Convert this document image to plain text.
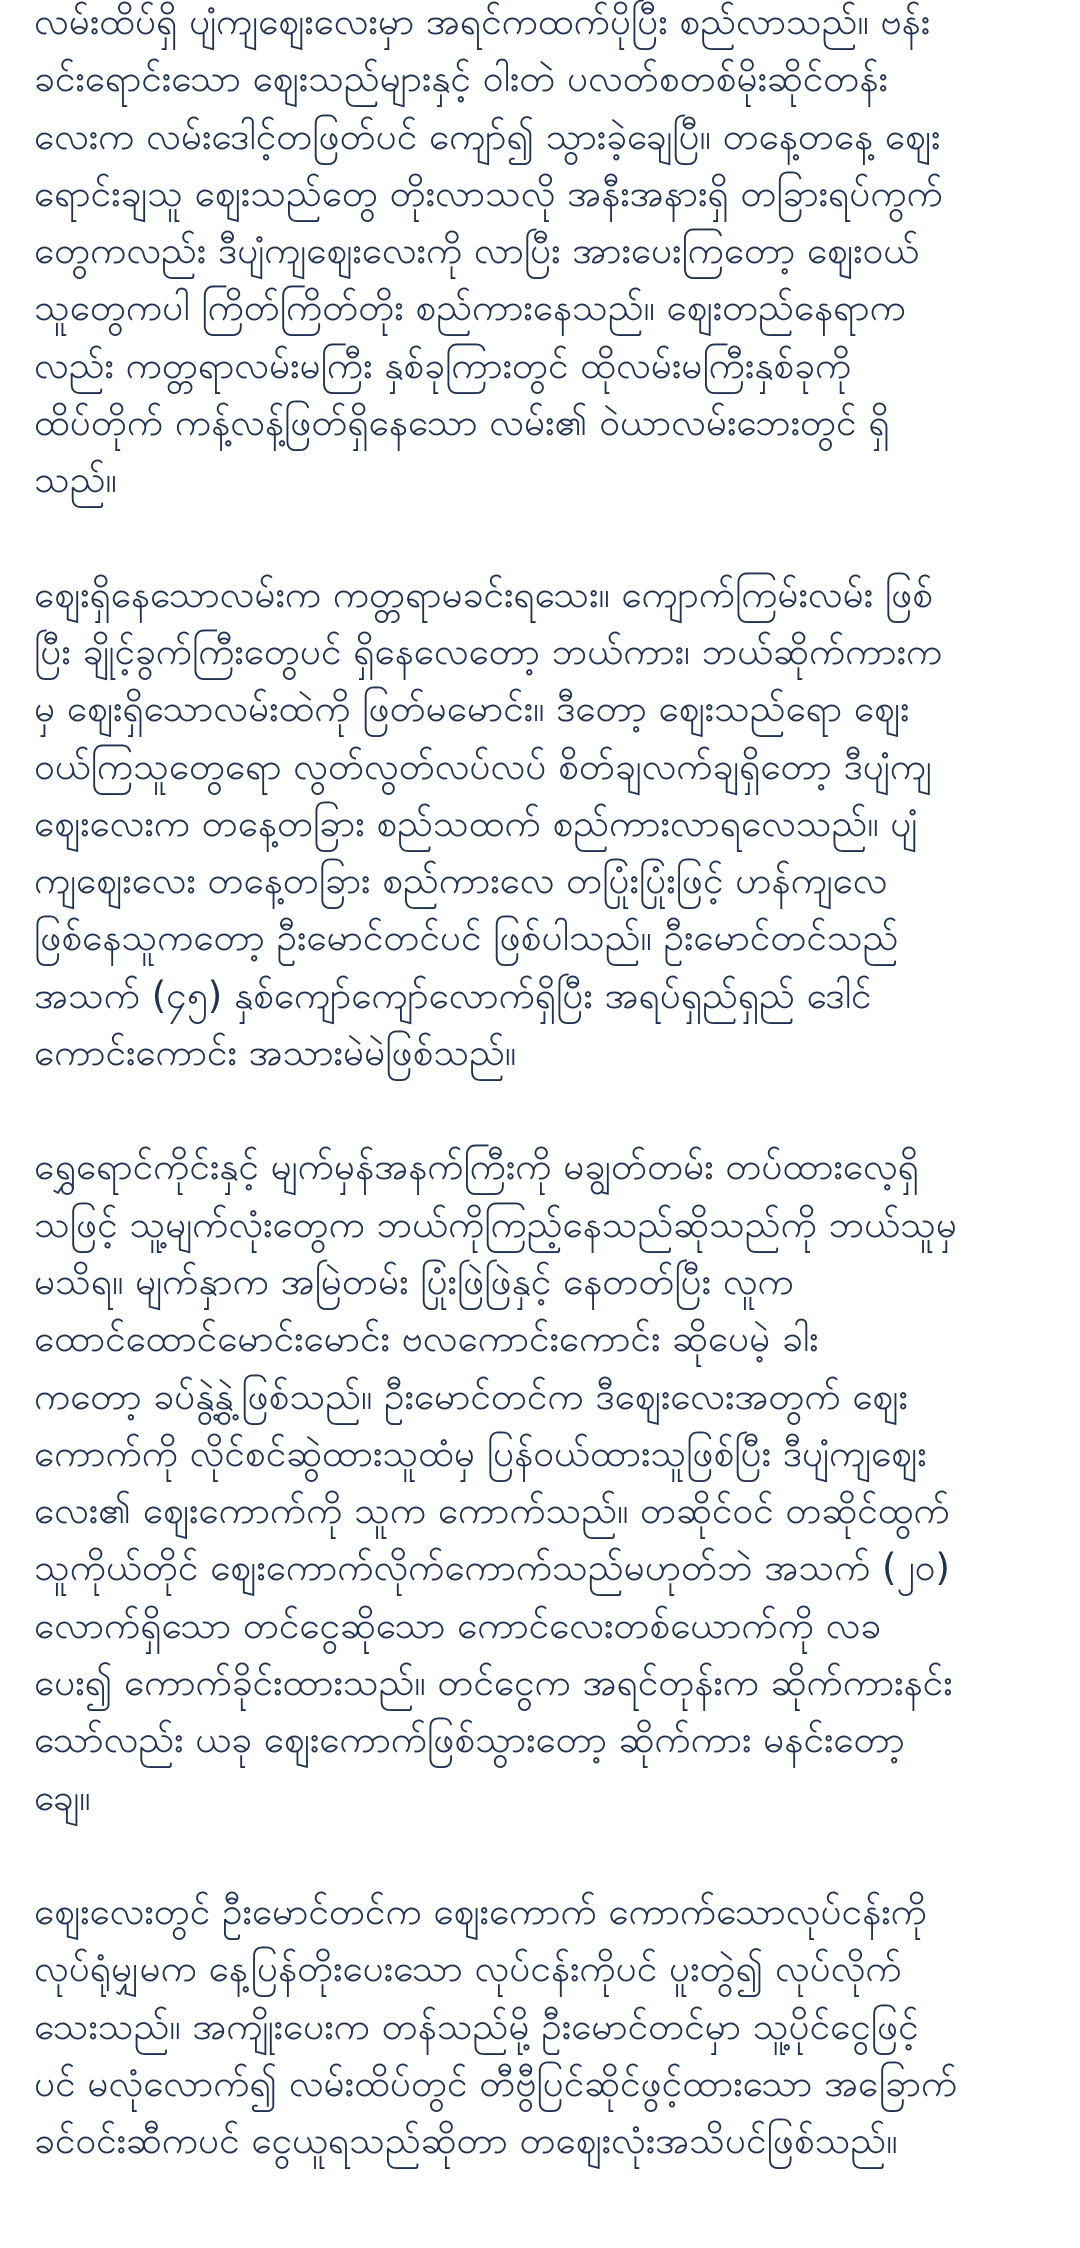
လမ်းထိပ်ရှိ ပျံကျဈေးလေးမှာ အရင်ကထက်ပိုပြီး စည်လာသည်။ ဗန်း
ခင်းရောင်းသော ဈေးသည်များနှင့် ဝါးတဲ ပလတ်စတစ်မိုးဆိုင်တန်း
လေးက လမ်းဒေါင့်တဖြတ်ပင် ကျော်၍ သွားခဲ့ချေပြီ။ တနေ့တနေ့ ဈေး
ရောင်းချသူ ဈေးသည်တွေ တိုးလာသလို အနီးအနားရှိ တခြားရပ်ကွက်
တွေကလည်း ဒီပျံကျဈေးလေးကို လာပြီး အားပေးကြတော့ ဈေးဝယ်
သူတွေကပါ ကြိတ်ကြိတ်တိုး စည်ကားနေသည်။ ဈေးတည်နေရာက
လည်း ကတ္တရာလမ်းမကြီး နှစ်ခုကြားတွင် ထိုလမ်းမကြီးနှစ်ခုကို
ထိပ်တိုက် ကန့်လန့်ဖြတ်ရှိနေသော လမ်း၏ ဝဲယာလမ်းဘေးတွင် ရှိ
သည်။

ဈေးရှိနေသောလမ်းက ကတ္တရာမခင်းရသေး။ ကျောက်ကြမ်းလမ်း ဖြစ်
ပြီး ချိုင့်ခွက်ကြီးတွေပင် ရှိနေလေတော့ ဘယ်ကား၊ ဘယ်ဆိုက်ကားက
မှ ဈေးရှိသောလမ်းထဲကို ဖြတ်မမောင်း။ ဒီတော့ ဈေးသည်ရော ဈေး
ဝယ်ကြသူတွေရော လွတ်လွတ်လပ်လပ် စိတ်ချလက်ချရှိတော့ ဒီပျံကျ
ဈေးလေးက တနေ့တခြား စည်သထက် စည်ကားလာရလေသည်။ ပျံ
ကျဈေးလေး တနေ့တခြား စည်ကားလေ တပြုံးပြုံးဖြင့် ဟန်ကျလေ
ဖြစ်နေသူကတော့ ဦးမောင်တင်ပင် ဖြစ်ပါသည်။ ဦးမောင်တင်သည်
အသက် (၄၅) နှစ်ကျော်ကျော်လောက်ရှိပြီး အရပ်ရှည်ရှည် ဒေါင်
ကောင်းကောင်း အသားမဲမဲဖြစ်သည်။

ရွှေရောင်ကိုင်းနှင့် မျက်မှန်အနက်ကြီးကို မချွတ်တမ်း တပ်ထားလေ့ရှိ
သဖြင့် သူ့မျက်လုံးတွေက ဘယ်ကိုကြည့်နေသည်ဆိုသည်ကို ဘယ်သူမှ
မသိရ။ မျက်နှာက အမြဲတမ်း ပြုံးဖြဲဖြဲနှင့် နေတတ်ပြီး လူက
ထောင်ထောင်မောင်းမောင်း ဗလကောင်းကောင်း ဆိုပေမဲ့ ခါး
ကတော့ ခပ်နွဲ့နွဲ့ဖြစ်သည်။ ဦးမောင်တင်က ဒီဈေးလေးအတွက် ဈေး
ကောက်ကို လိုင်စင်ဆွဲထားသူထံမှ ပြန်ဝယ်ထားသူဖြစ်ပြီး ဒီပျံကျဈေး
လေး၏ ဈေးကောက်ကို သူက ကောက်သည်။ တဆိုင်ဝင် တဆိုင်ထွက်
သူကိုယ်တိုင် ဈေးကောက်လိုက်ကောက်သည်မဟုတ်ဘဲ အသက် (၂၀)
လောက်ရှိသော တင်ငွေဆိုသော ကောင်လေးတစ်ယောက်ကို လခ
ပေး၍ ကောက်ခိုင်းထားသည်။ တင်ငွေက အရင်တုန်းက ဆိုက်ကားနင်း
သော်လည်း ယခု ဈေးကောက်ဖြစ်သွားတော့ ဆိုက်ကား မနင်းတော့
ချေ။

ဈေးလေးတွင် ဦးမောင်တင်က ဈေးကောက် ကောက်သောလုပ်ငန်းကို
လုပ်ရုံမျှမက နေ့ပြန်တိုးပေးသော လုပ်ငန်းကိုပင် ပူးတွဲ၍ လုပ်လိုက်
သေးသည်။ အကျိုးပေးက တန်သည်မို့ ဦးမောင်တင်မှာ သူ့ပိုင်ငွေဖြင့်
ပင် မလုံလောက်၍ လမ်းထိပ်တွင် တီဗွီပြင်ဆိုင်ဖွင့်ထားသော အခြောက်
ခင်ဝင်းဆီကပင် ငွေယူရသည်ဆိုတာ တဈေးလုံးအသိပင်ဖြစ်သည်။
